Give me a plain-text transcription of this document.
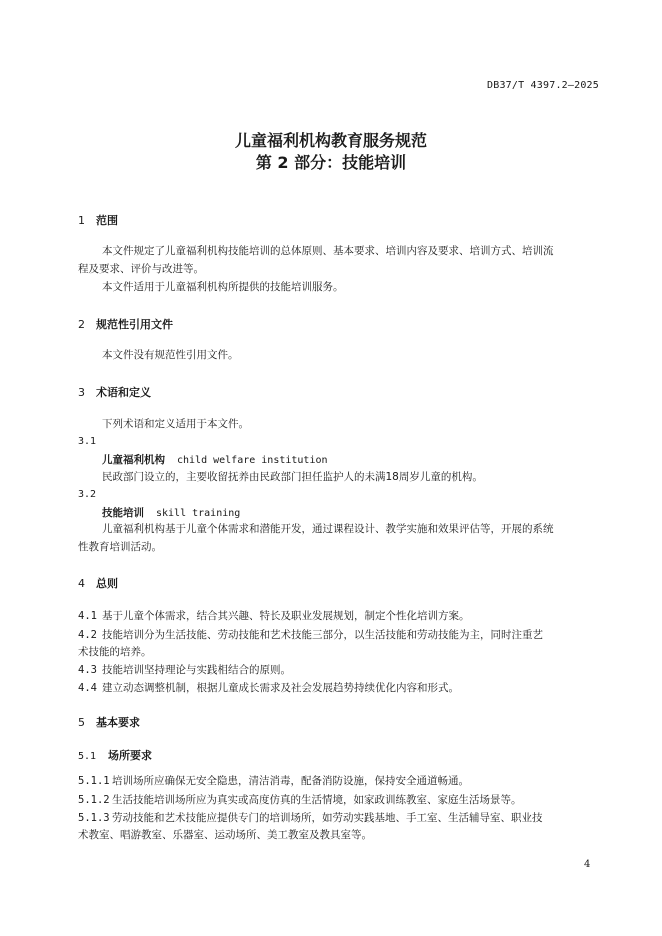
DB37/T 4397.2—2025
儿童福利机构教育服务规范
第 2 部分：技能培训
1 范围
本文件规定了儿童福利机构技能培训的总体原则、基本要求、培训内容及要求、培训方式、培训流
程及要求、评价与改进等。
本文件适用于儿童福利机构所提供的技能培训服务。
2 规范性引用文件
本文件没有规范性引用文件。
3 术语和定义
下列术语和定义适用于本文件。
3.1
儿童福利机构 child welfare institution
民政部门设立的，主要收留抚养由民政部门担任监护人的未满18周岁儿童的机构。
3.2
技能培训 skill training
儿童福利机构基于儿童个体需求和潜能开发，通过课程设计、教学实施和效果评估等，开展的系统
性教育培训活动。
4 总则
4.1 基于儿童个体需求，结合其兴趣、特长及职业发展规划，制定个性化培训方案。
4.2 技能培训分为生活技能、劳动技能和艺术技能三部分，以生活技能和劳动技能为主，同时注重艺
术技能的培养。
4.3 技能培训坚持理论与实践相结合的原则。
4.4 建立动态调整机制，根据儿童成长需求及社会发展趋势持续优化内容和形式。
5 基本要求
5.1 场所要求
5.1.1 培训场所应确保无安全隐患，清洁消毒，配备消防设施，保持安全通道畅通。
5.1.2 生活技能培训场所应为真实或高度仿真的生活情境，如家政训练教室、家庭生活场景等。
5.1.3 劳动技能和艺术技能应提供专门的培训场所，如劳动实践基地、手工室、生活辅导室、职业技
术教室、唱游教室、乐器室、运动场所、美工教室及教具室等。
4
